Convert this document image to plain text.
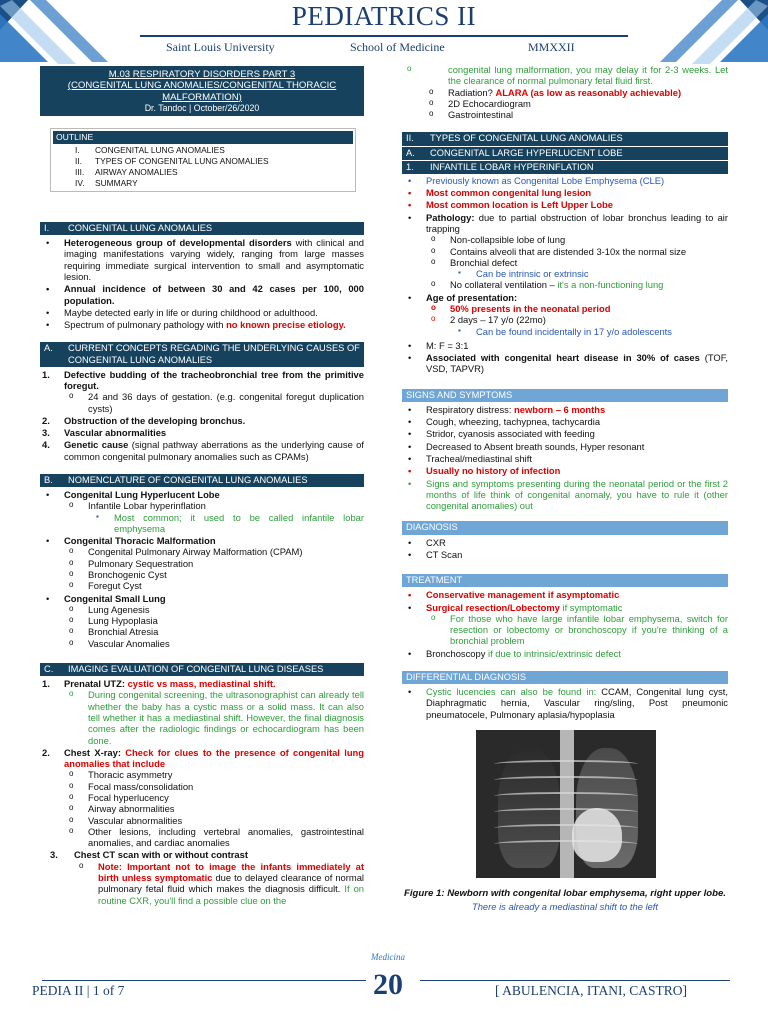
PEDIATRICS II
Saint Louis University	School of Medicine	MMXXII
M.03 RESPIRATORY DISORDERS PART 3
(CONGENITAL LUNG ANOMALIES/CONGENITAL THORACIC
MALFORMATION)
Dr. Tandoc | October/26/2020
OUTLINE
I.	CONGENITAL LUNG ANOMALIES
II.	TYPES OF CONGENITAL LUNG ANOMALIES
III.	AIRWAY ANOMALIES
IV.	SUMMARY
I.	CONGENITAL LUNG ANOMALIES
• Heterogeneous group of developmental disorders with clinical and imaging manifestations varying widely, ranging from large masses requiring immediate surgical intervention to small and asymptomatic lesion.
• Annual incidence of between 30 and 42 cases per 100, 000 population.
• Maybe detected early in life or during childhood or adulthood.
• Spectrum of pulmonary pathology with no known precise etiology.
A.	CURRENT CONCEPTS REGADING THE UNDERLYING CAUSES OF CONGENITAL LUNG ANOMALIES
1. Defective budding of the tracheobronchial tree from the primitive foregut.
o 24 and 36 days of gestation. (e.g. congenital foregut duplication cysts)
2. Obstruction of the developing bronchus.
3. Vascular abnormalities
4. Genetic cause (signal pathway aberrations as the underlying cause of common congenital pulmonary anomalies such as CPAMs)
B.	NOMENCLATURE OF CONGENITAL LUNG ANOMALIES
• Congenital Lung Hyperlucent Lobe
o Infantile Lobar hyperinflation
▪ Most common; it used to be called infantile lobar emphysema
• Congenital Thoracic Malformation
o Congenital Pulmonary Airway Malformation (CPAM)
o Pulmonary Sequestration
o Bronchogenic Cyst
o Foregut Cyst
• Congenital Small Lung
o Lung Agenesis
o Lung Hypoplasia
o Bronchial Atresia
o Vascular Anomalies
C.	IMAGING EVALUATION OF CONGENITAL LUNG DISEASES
1. Prenatal UTZ: cystic vs mass, mediastinal shift.
o During congenital screening, the ultrasonographist can already tell whether the baby has a cystic mass or a solid mass. It can also tell whether it has a mediastinal shift. However, the final diagnosis comes after the radiologic findings or echocardiogram has been done.
2. Chest X-ray: Check for clues to the presence of congenital lung anomalies that include
o Thoracic asymmetry
o Focal mass/consolidation
o Focal hyperlucency
o Airway abnormalities
o Vascular abnormalities
o Other lesions, including vertebral anomalies, gastrointestinal anomalies, and cardiac anomalies
3. Chest CT scan with or without contrast
o Note: Important not to image the infants immediately at birth unless symptomatic due to delayed clearance of normal pulmonary fetal fluid which makes the diagnosis difficult. If on routine CXR, you'll find a possible clue on the
o congenital lung malformation, you may delay it for 2-3 weeks. Let the clearance of normal pulmonary fetal fluid first.
o Radiation? ALARA (as low as reasonably achievable)
o 2D Echocardiogram
o Gastrointestinal
II.	TYPES OF CONGENITAL LUNG ANOMALIES
A.	CONGENITAL LARGE HYPERLUCENT LOBE
1.	INFANTILE LOBAR HYPERINFLATION
• Previously known as Congenital Lobe Emphysema (CLE)
• Most common congenital lung lesion
• Most common location is Left Upper Lobe
• Pathology: due to partial obstruction of lobar bronchus leading to air trapping
o Non-collapsible lobe of lung
o Contains alveoli that are distended 3-10x the normal size
o Bronchial defect
▪ Can be intrinsic or extrinsic
o No collateral ventilation – it's a non-functioning lung
• Age of presentation:
o 50% presents in the neonatal period
o 2 days – 17 y/o (22mo)
▪ Can be found incidentally in 17 y/o adolescents
• M: F = 3:1
• Associated with congenital heart disease in 30% of cases (TOF, VSD, TAPVR)
SIGNS AND SYMPTOMS
• Respiratory distress: newborn – 6 months
• Cough, wheezing, tachypnea, tachycardia
• Stridor, cyanosis associated with feeding
• Decreased to Absent breath sounds, Hyper resonant
• Tracheal/mediastinal shift
• Usually no history of infection
• Signs and symptoms presenting during the neonatal period or the first 2 months of life think of congenital anomaly, you have to rule it (other congenital anomalies) out
DIAGNOSIS
• CXR
• CT Scan
TREATMENT
• Conservative management if asymptomatic
• Surgical resection/Lobectomy if symptomatic
o For those who have large infantile lobar emphysema, switch for resection or lobectomy or bronchoscopy if you're thinking of a bronchial problem
• Bronchoscopy if due to intrinsic/extrinsic defect
DIFFERENTIAL DIAGNOSIS
• Cystic lucencies can also be found in: CCAM, Congenital lung cyst, Diaphragmatic hernia, Vascular ring/sling, Post pneumonic pneumatocele, Pulmonary aplasia/hypoplasia
Figure 1: Newborn with congenital lobar emphysema, right upper lobe.
There is already a mediastinal shift to the left
PEDIA II | 1 of 7	[ ABULENCIA, ITANI, CASTRO]
20
Medicina
